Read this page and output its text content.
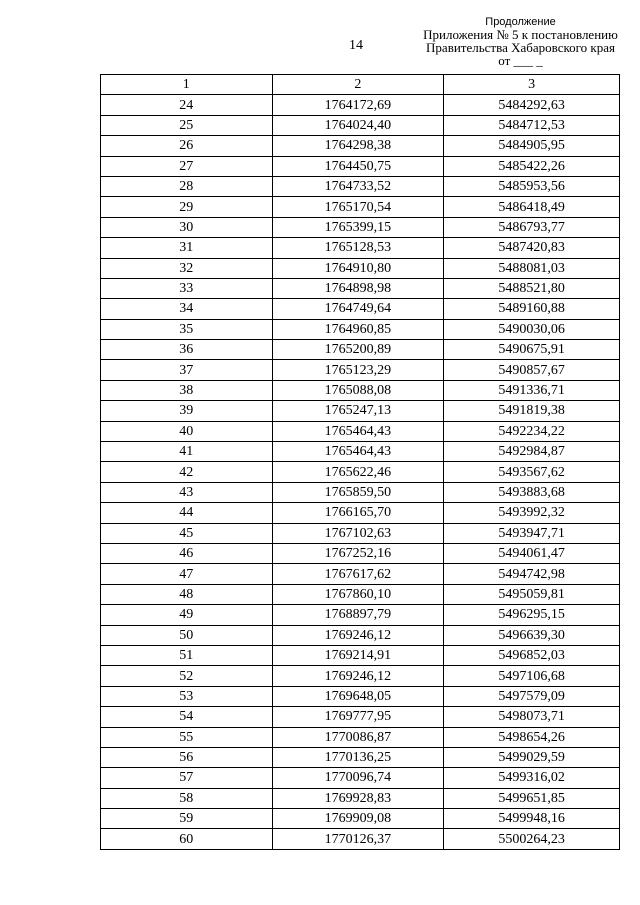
14
Продолжение
Приложения № 5 к постановлению
Правительства Хабаровского края
от ___ _
1	2	3
24	1764172,69	5484292,63
25	1764024,40	5484712,53
26	1764298,38	5484905,95
27	1764450,75	5485422,26
28	1764733,52	5485953,56
29	1765170,54	5486418,49
30	1765399,15	5486793,77
31	1765128,53	5487420,83
32	1764910,80	5488081,03
33	1764898,98	5488521,80
34	1764749,64	5489160,88
35	1764960,85	5490030,06
36	1765200,89	5490675,91
37	1765123,29	5490857,67
38	1765088,08	5491336,71
39	1765247,13	5491819,38
40	1765464,43	5492234,22
41	1765464,43	5492984,87
42	1765622,46	5493567,62
43	1765859,50	5493883,68
44	1766165,70	5493992,32
45	1767102,63	5493947,71
46	1767252,16	5494061,47
47	1767617,62	5494742,98
48	1767860,10	5495059,81
49	1768897,79	5496295,15
50	1769246,12	5496639,30
51	1769214,91	5496852,03
52	1769246,12	5497106,68
53	1769648,05	5497579,09
54	1769777,95	5498073,71
55	1770086,87	5498654,26
56	1770136,25	5499029,59
57	1770096,74	5499316,02
58	1769928,83	5499651,85
59	1769909,08	5499948,16
60	1770126,37	5500264,23
